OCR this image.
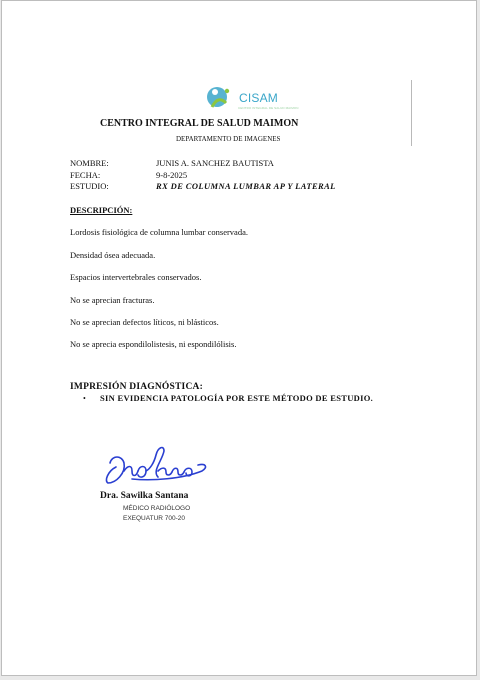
CISAM
CENTRO INTEGRAL DE SALUD MAIMON
CENTRO INTEGRAL DE SALUD MAIMON
DEPARTAMENTO DE IMAGENES
NOMBRE:	JUNIS A. SANCHEZ BAUTISTA
FECHA:	9-8-2025
ESTUDIO:	RX DE COLUMNA LUMBAR AP Y LATERAL
DESCRIPCIÓN:
Lordosis fisiológica de columna lumbar conservada.
Densidad ósea adecuada.
Espacios intervertebrales conservados.
No se aprecian fracturas.
No se aprecian defectos líticos, ni blásticos.
No se aprecia espondilolistesis, ni espondilólisis.
IMPRESIÓN DIAGNÓSTICA:
• SIN EVIDENCIA PATOLOGÍA POR ESTE MÉTODO DE ESTUDIO.
Dra. Sawilka Santana
MÉDICO RADIÓLOGO
EXEQUATUR 700-20
